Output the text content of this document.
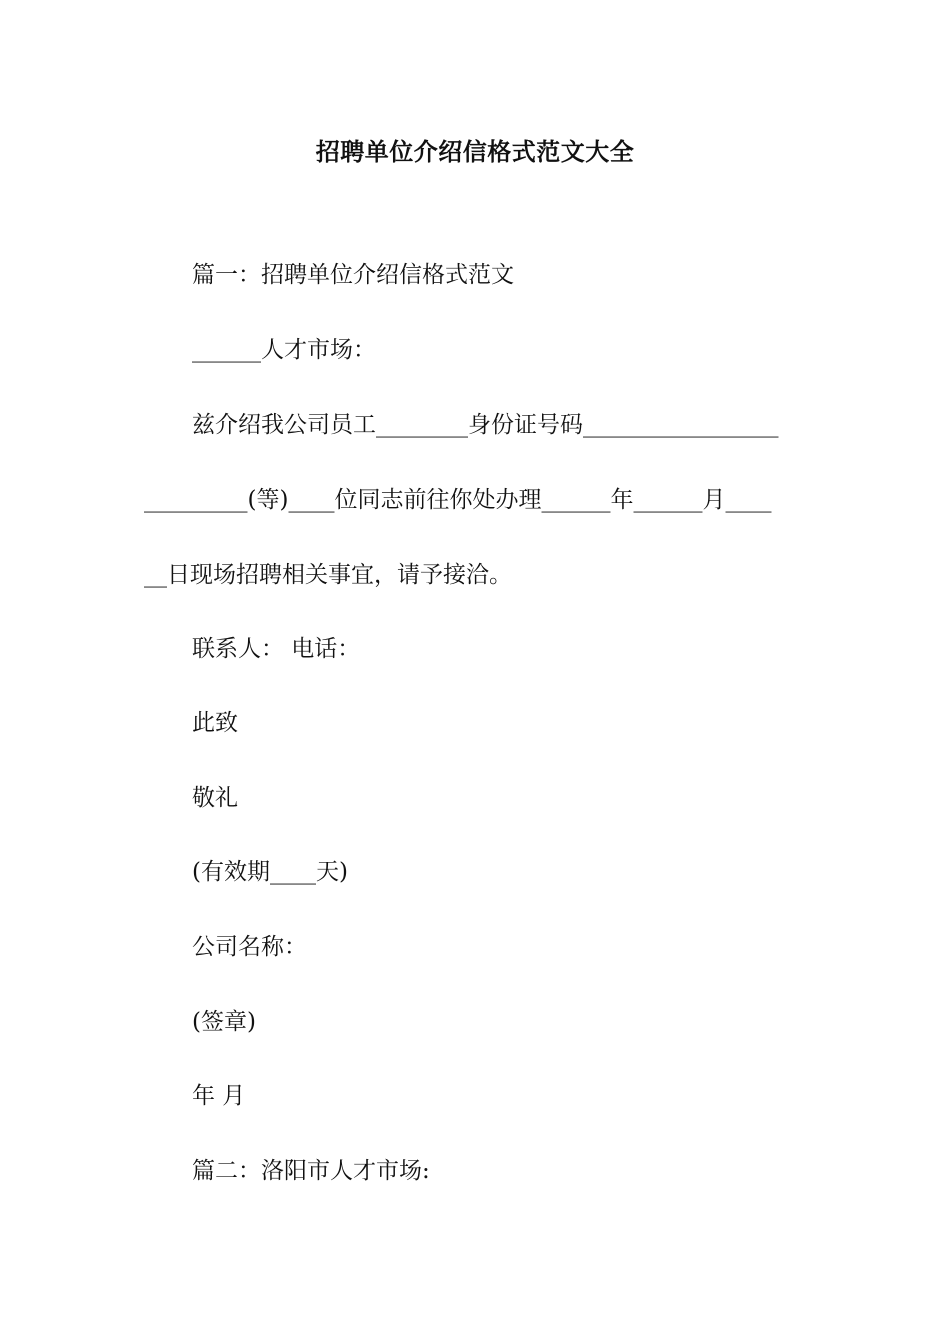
招聘单位介绍信格式范文大全
篇一：招聘单位介绍信格式范文
______人才市场：
兹介绍我公司员工________身份证号码_________________
_________(等)____位同志前往你处办理______年______月____
__日现场招聘相关事宜，请予接洽。
联系人： 电话：
此致
敬礼
(有效期____天)
公司名称：
(签章)
年 月
篇二：洛阳市人才市场:
